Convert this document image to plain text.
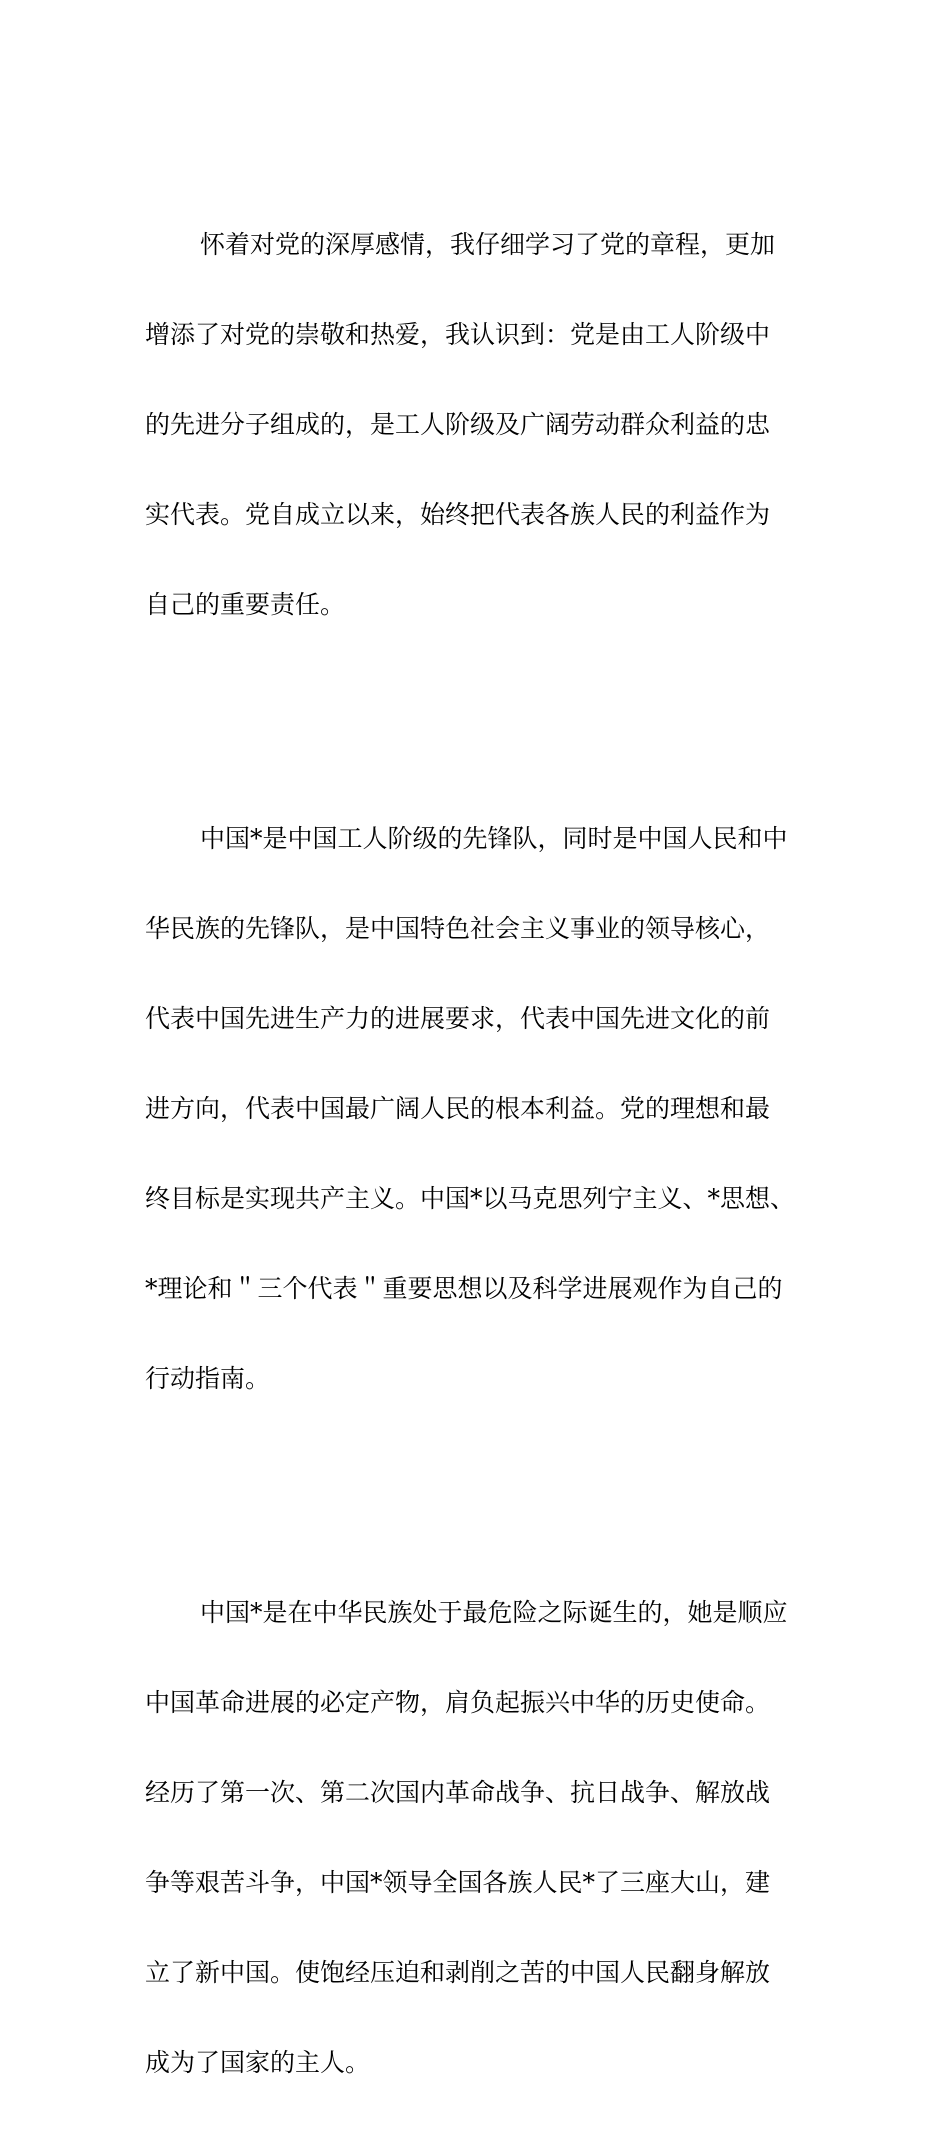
怀着对党的深厚感情，我仔细学习了党的章程，更加

增添了对党的崇敬和热爱，我认识到：党是由工人阶级中

的先进分子组成的，是工人阶级及广阔劳动群众利益的忠

实代表。党自成立以来，始终把代表各族人民的利益作为

自己的重要责任。

中国*是中国工人阶级的先锋队，同时是中国人民和中

华民族的先锋队，是中国特色社会主义事业的领导核心，

代表中国先进生产力的进展要求，代表中国先进文化的前

进方向，代表中国最广阔人民的根本利益。党的理想和最

终目标是实现共产主义。中国*以马克思列宁主义、*思想、

*理论和＂三个代表＂重要思想以及科学进展观作为自己的

行动指南。

中国*是在中华民族处于最危险之际诞生的，她是顺应

中国革命进展的必定产物，肩负起振兴中华的历史使命。

经历了第一次、第二次国内革命战争、抗日战争、解放战

争等艰苦斗争，中国*领导全国各族人民*了三座大山，建

立了新中国。使饱经压迫和剥削之苦的中国人民翻身解放

成为了国家的主人。
